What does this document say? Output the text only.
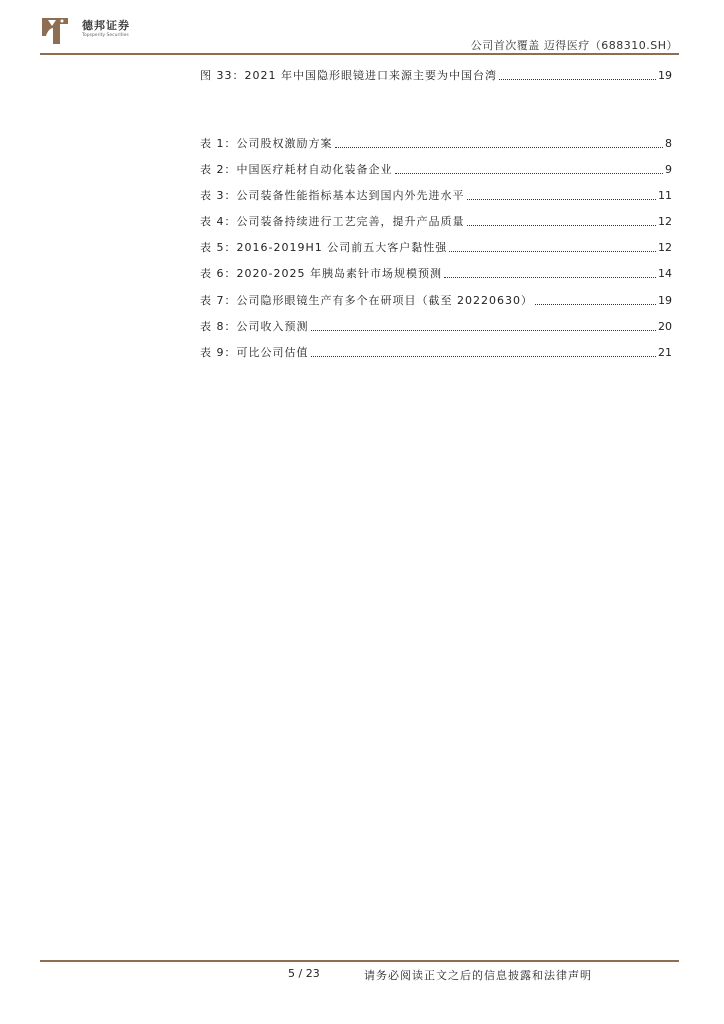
德邦证券
Topsperity Securities
公司首次覆盖 迈得医疗（688310.SH）
图 33：2021 年中国隐形眼镜进口来源主要为中国台湾	19
表 1：公司股权激励方案	8
表 2：中国医疗耗材自动化装备企业	9
表 3：公司装备性能指标基本达到国内外先进水平	11
表 4：公司装备持续进行工艺完善，提升产品质量	12
表 5：2016-2019H1 公司前五大客户黏性强	12
表 6：2020-2025 年胰岛素针市场规模预测	14
表 7：公司隐形眼镜生产有多个在研项目（截至 20220630）	19
表 8：公司收入预测	20
表 9：可比公司估值	21
5 / 23	请务必阅读正文之后的信息披露和法律声明
